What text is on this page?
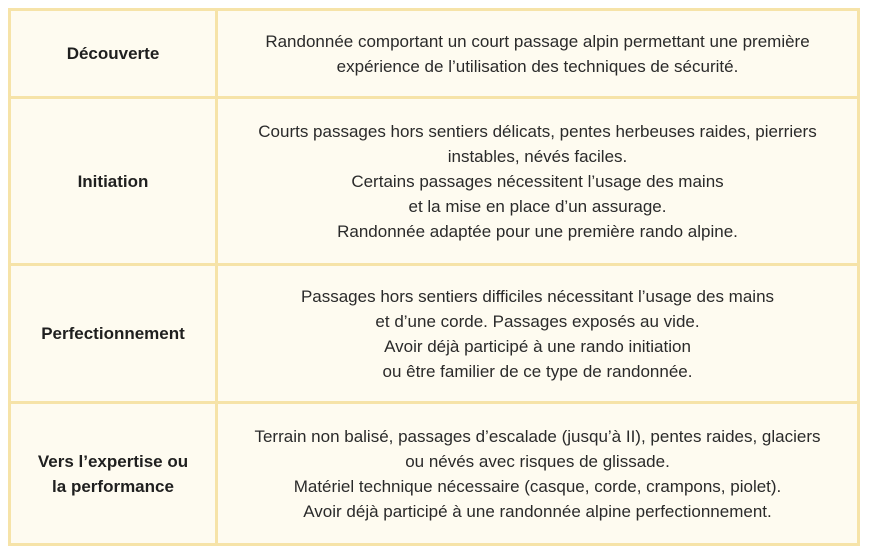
Découverte	Randonnée comportant un court passage alpin permettant une première
expérience de l’utilisation des techniques de sécurité.

Initiation	Courts passages hors sentiers délicats, pentes herbeuses raides, pierriers
instables, névés faciles.
Certains passages nécessitent l’usage des mains
et la mise en place d’un assurage.
Randonnée adaptée pour une première rando alpine.

Perfectionnement	Passages hors sentiers difficiles nécessitant l’usage des mains
et d’une corde. Passages exposés au vide.
Avoir déjà participé à une rando initiation
ou être familier de ce type de randonnée.

Vers l’expertise ou
la performance	Terrain non balisé, passages d’escalade (jusqu’à II), pentes raides, glaciers
ou névés avec risques de glissade.
Matériel technique nécessaire (casque, corde, crampons, piolet).
Avoir déjà participé à une randonnée alpine perfectionnement.
